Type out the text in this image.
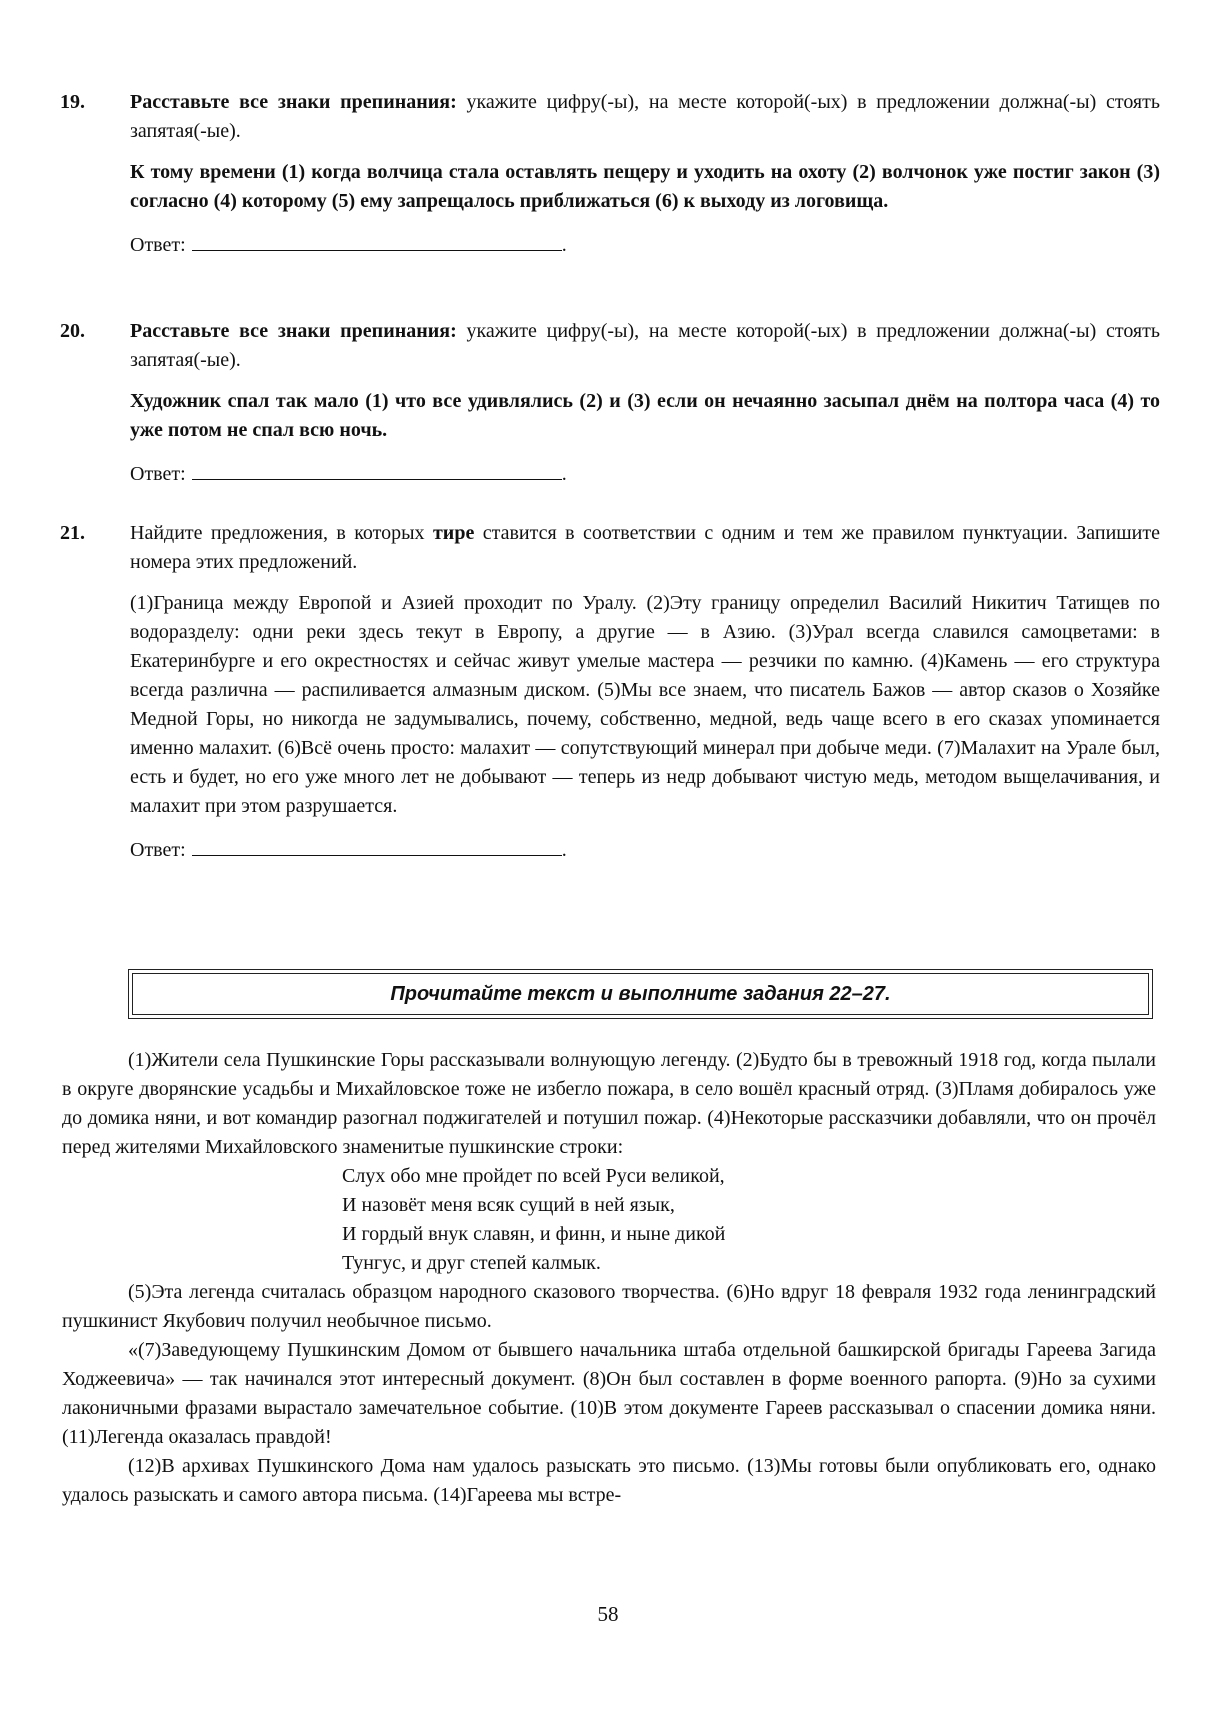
19.	Расставьте все знаки препинания: укажите цифру(-ы), на месте которой(-ых) в предложении должна(-ы) стоять запятая(-ые).

К тому времени (1) когда волчица стала оставлять пещеру и уходить на охоту (2) волчонок уже постиг закон (3) согласно (4) которому (5) ему запрещалось приближаться (6) к выходу из логовища.

Ответ:	.
20.	Расставьте все знаки препинания: укажите цифру(-ы), на месте которой(-ых) в предложении должна(-ы) стоять запятая(-ые).

Художник спал так мало (1) что все удивлялись (2) и (3) если он нечаянно засыпал днём на полтора часа (4) то уже потом не спал всю ночь.

Ответ:	.
21.	Найдите предложения, в которых тире ставится в соответствии с одним и тем же правилом пунктуации. Запишите номера этих предложений.

(1)Граница между Европой и Азией проходит по Уралу. (2)Эту границу определил Василий Никитич Татищев по водоразделу: одни реки здесь текут в Европу, а другие — в Азию. (3)Урал всегда славился самоцветами: в Екатеринбурге и его окрестностях и сейчас живут умелые мастера — резчики по камню. (4)Камень — его структура всегда различна — распиливается алмазным диском. (5)Мы все знаем, что писатель Бажов — автор сказов о Хозяйке Медной Горы, но никогда не задумывались, почему, собственно, медной, ведь чаще всего в его сказах упоминается именно малахит. (6)Всё очень просто: малахит — сопутствующий минерал при добыче меди. (7)Малахит на Урале был, есть и будет, но его уже много лет не добывают — теперь из недр добывают чистую медь, методом выщелачивания, и малахит при этом разрушается.

Ответ:	.
Прочитайте текст и выполните задания 22–27.

(1)Жители села Пушкинские Горы рассказывали волнующую легенду. (2)Будто бы в тревожный 1918 год, когда пылали в округе дворянские усадьбы и Михайловское тоже не избегло пожара, в село вошёл красный отряд. (3)Пламя добиралось уже до домика няни, и вот командир разогнал поджигателей и потушил пожар. (4)Некоторые рассказчики добавляли, что он прочёл перед жителями Михайловского знаменитые пушкинские строки:

Слух обо мне пройдет по всей Руси великой,
И назовёт меня всяк сущий в ней язык,
И гордый внук славян, и финн, и ныне дикой
Тунгус, и друг степей калмык.

(5)Эта легенда считалась образцом народного сказового творчества. (6)Но вдруг 18 февраля 1932 года ленинградский пушкинист Якубович получил необычное письмо.

«(7)Заведующему Пушкинским Домом от бывшего начальника штаба отдельной башкирской бригады Гареева Загида Ходжеевича» — так начинался этот интересный документ. (8)Он был составлен в форме военного рапорта. (9)Но за сухими лаконичными фразами вырастало замечательное событие. (10)В этом документе Гареев рассказывал о спасении домика няни. (11)Легенда оказалась правдой!

(12)В архивах Пушкинского Дома нам удалось разыскать это письмо. (13)Мы готовы были опубликовать его, однако удалось разыскать и самого автора письма. (14)Гареева мы встре-

58
